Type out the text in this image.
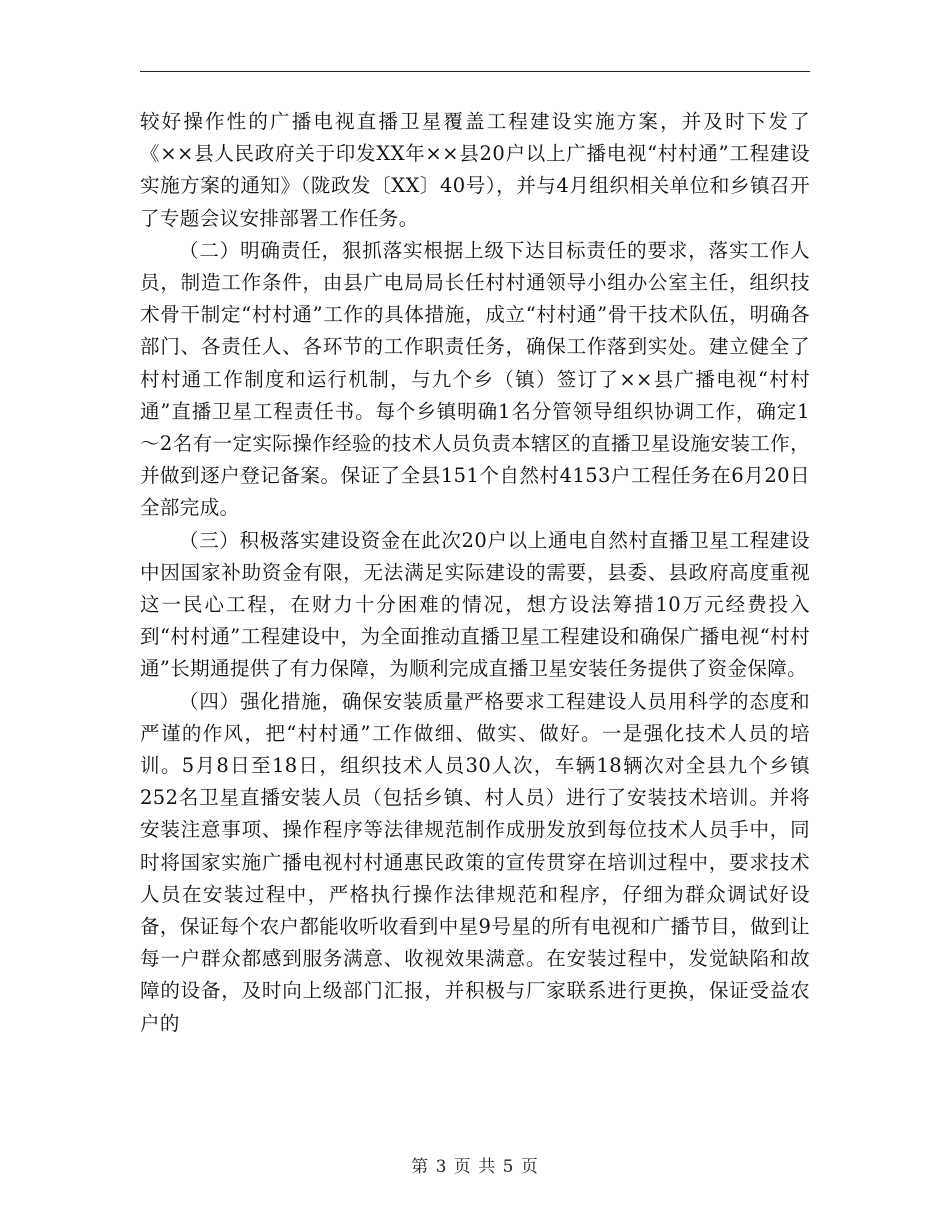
较好操作性的广播电视直播卫星覆盖工程建设实施方案，并及时下发了《××县人民政府关于印发XX年××县20户以上广播电视“村村通”工程建设实施方案的通知》（陇政发〔XX〕40号），并与4月组织相关单位和乡镇召开了专题会议安排部署工作任务。

（二）明确责任，狠抓落实根据上级下达目标责任的要求，落实工作人员，制造工作条件，由县广电局局长任村村通领导小组办公室主任，组织技术骨干制定“村村通”工作的具体措施，成立“村村通”骨干技术队伍，明确各部门、各责任人、各环节的工作职责任务，确保工作落到实处。建立健全了村村通工作制度和运行机制，与九个乡（镇）签订了××县广播电视“村村通”直播卫星工程责任书。每个乡镇明确1名分管领导组织协调工作，确定1～2名有一定实际操作经验的技术人员负责本辖区的直播卫星设施安装工作，并做到逐户登记备案。保证了全县151个自然村4153户工程任务在6月20日全部完成。

（三）积极落实建设资金在此次20户以上通电自然村直播卫星工程建设中因国家补助资金有限，无法满足实际建设的需要，县委、县政府高度重视这一民心工程，在财力十分困难的情况，想方设法筹措10万元经费投入到“村村通”工程建设中，为全面推动直播卫星工程建设和确保广播电视“村村通”长期通提供了有力保障，为顺利完成直播卫星安装任务提供了资金保障。

（四）强化措施，确保安装质量严格要求工程建设人员用科学的态度和严谨的作风，把“村村通”工作做细、做实、做好。一是强化技术人员的培训。5月8日至18日，组织技术人员30人次，车辆18辆次对全县九个乡镇252名卫星直播安装人员（包括乡镇、村人员）进行了安装技术培训。并将安装注意事项、操作程序等法律规范制作成册发放到每位技术人员手中，同时将国家实施广播电视村村通惠民政策的宣传贯穿在培训过程中，要求技术人员在安装过程中，严格执行操作法律规范和程序，仔细为群众调试好设备，保证每个农户都能收听收看到中星9号星的所有电视和广播节目，做到让每一户群众都感到服务满意、收视效果满意。在安装过程中，发觉缺陷和故障的设备，及时向上级部门汇报，并积极与厂家联系进行更换，保证受益农户的

第 3 页 共 5 页
